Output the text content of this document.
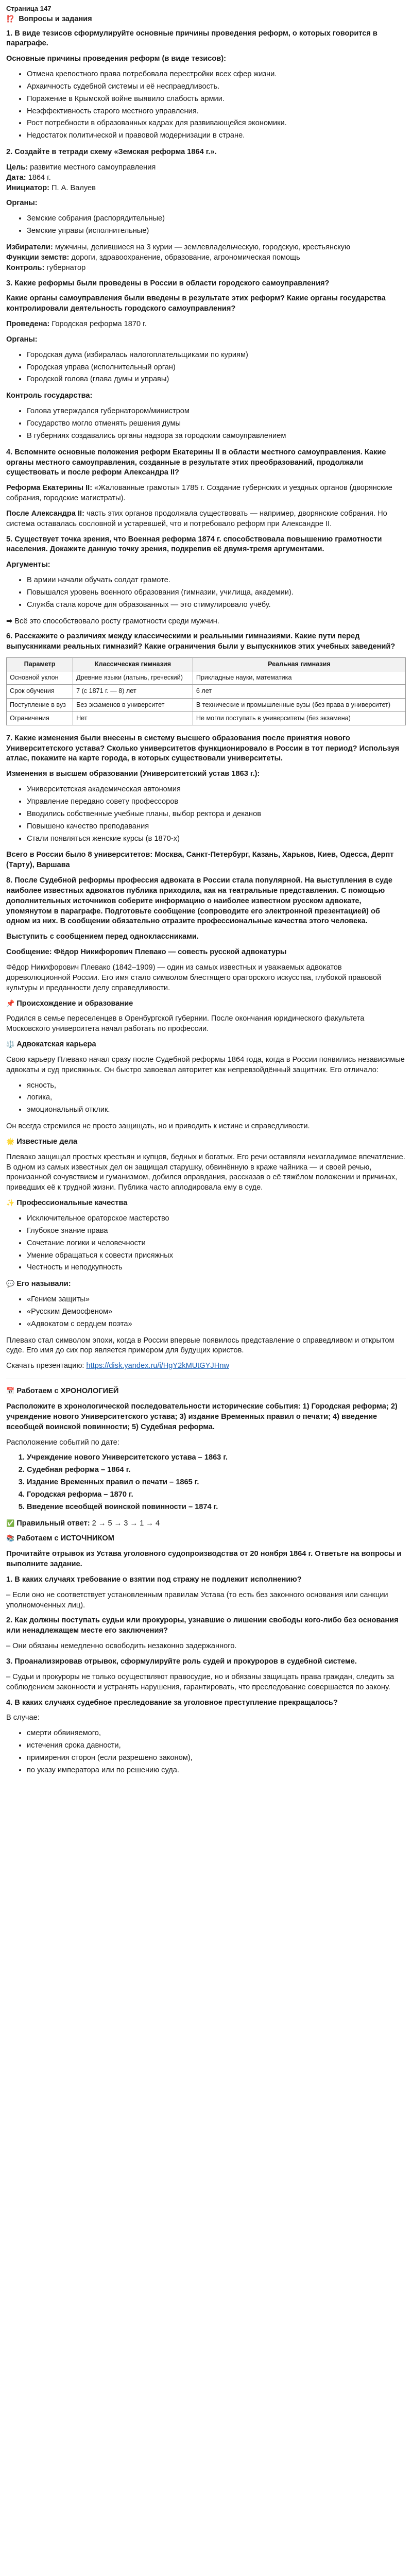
Страница 147
⁉️ Вопросы и задания

1. В виде тезисов сформулируйте основные причины проведения реформ, о которых говорится в параграфе.

Основные причины проведения реформ (в виде тезисов):

• Отмена крепостного права потребовала перестройки всех сфер жизни.
• Архаичность судебной системы и её неспраедливость.
• Поражение в Крымской войне выявило слабость армии.
• Неэффективность старого местного управления.
• Рост потребности в образованных кадрах для развивающейся экономики.
• Недостаток политической и правовой модернизации в стране.

2. Создайте в тетради схему «Земская реформа 1864 г.».

Цель: развитие местного самоуправления
Дата: 1864 г.
Инициатор: П. А. Валуев

Органы:

• Земские собрания (распорядительные)
• Земские управы (исполнительные)

Избиратели: мужчины, делившиеся на 3 курии — землевладельческую, городскую, крестьянскую
Функции земств: дороги, здравоохранение, образование, агрономическая помощь
Контроль: губернатор

3. Какие реформы были проведены в России в области городского самоуправления?

Какие органы самоуправления были введены в результате этих реформ? Какие органы государства контролировали деятельность городского самоуправления?

Проведена: Городская реформа 1870 г.

Органы:

• Городская дума (избиралась налогоплательщиками по куриям)
• Городская управа (исполнительный орган)
• Городской голова (глава думы и управы)

Контроль государства:

• Голова утверждался губернатором/министром
• Государство могло отменять решения думы
• В губерниях создавались органы надзора за городским самоуправлением

4. Вспомните основные положения реформ Екатерины II в области местного самоуправления. Какие органы местного самоуправления, созданные в результате этих преобразований, продолжали существовать и после реформ Александра II?

Реформа Екатерины II: «Жалованные грамоты» 1785 г. Создание губернских и уездных органов (дворянские собрания, городские магистраты).

После Александра II: часть этих органов продолжала существовать — например, дворянские собрания. Но система оставалась сословной и устаревшей, что и потребовало реформ при Александре II.

5. Существует точка зрения, что Военная реформа 1874 г. способствовала повышению грамотности населения. Докажите данную точку зрения, подкрепив её двумя-тремя аргументами.

Аргументы:

• В армии начали обучать солдат грамоте.
• Повышался уровень военного образования (гимназии, училища, академии).
• Служба стала короче для образованных — это стимулировало учёбу.

➡ Всё это способствовало росту грамотности среди мужчин.

6. Расскажите о различиях между классическими и реальными гимназиями. Какие пути перед выпускниками реальных гимназий? Какие ограничения были у выпускников этих учебных заведений?

Параметр	Классическая гимназия	Реальная гимназия
Основной уклон	Древние языки (латынь, греческий)	Прикладные науки, математика
Срок обучения	7 (с 1871 г. — 8) лет	6 лет
Поступление в вуз	Без экзаменов в университет	В технические и промышленные вузы (без права в университет)
Ограничения	Нет	Не могли поступать в университеты (без экзамена)

7. Какие изменения были внесены в систему высшего образования после принятия нового Университетского устава? Сколько университетов функционировало в России в тот период? Используя атлас, покажите на карте города, в которых существовали университеты.

Изменения в высшем образовании (Университетский устав 1863 г.):

• Университетская академическая автономия
• Управление передано совету профессоров
• Вводились собственные учебные планы, выбор ректора и деканов
• Повышено качество преподавания
• Стали появляться женские курсы (в 1870-х)

Всего в России было 8 университетов: Москва, Санкт-Петербург, Казань, Харьков, Киев, Одесса, Дерпт (Тарту), Варшава

8. После Судебной реформы профессия адвоката в России стала популярной. На выступления в суде наиболее известных адвокатов публика приходила, как на театральные представления. С помощью дополнительных источников соберите информацию о наиболее известном русском адвокате, упомянутом в параграфе. Подготовьте сообщение (сопроводите его электронной презентацией) об одном из них. В сообщении обязательно отразите профессиональные качества этого человека.

Выступить с сообщением перед одноклассниками.

Сообщение: Фёдор Никифорович Плевако — совесть русской адвокатуры

Фёдор Никифорович Плевако (1842–1909) — один из самых известных и уважаемых адвокатов дореволюционной России. Его имя стало символом блестящего ораторского искусства, глубокой правовой культуры и преданности делу справедливости.

📌 Происхождение и образование

Родился в семье переселенцев в Оренбургской губернии. После окончания юридического факультета Московского университета начал работать по профессии.

⚖️ Адвокатская карьера

Свою карьеру Плевако начал сразу после Судебной реформы 1864 года, когда в России появились независимые адвокаты и суд присяжных. Он быстро завоевал авторитет как непревзойдённый защитник. Его отличало:

• ясность,
• логика,
• эмоциональный отклик.

Он всегда стремился не просто защищать, но и приводить к истине и справедливости.

🌟 Известные дела

Плевако защищал простых крестьян и купцов, бедных и богатых. Его речи оставляли неизгладимое впечатление. В одном из самых известных дел он защищал старушку, обвинённую в краже чайника — и своей речью, пронизанной сочувствием и гуманизмом, добился оправдания, рассказав о её тяжёлом положении и причинах, приведших её к трудной жизни. Публика часто аплодировала ему в суде.

✨ Профессиональные качества

• Исключительное ораторское мастерство
• Глубокое знание права
• Сочетание логики и человечности
• Умение обращаться к совести присяжных
• Честность и неподкупность

💬 Его называли:

• «Гением защиты»
• «Русским Демосфеном»
• «Адвокатом с сердцем поэта»

Плевако стал символом эпохи, когда в России впервые появилось представление о справедливом и открытом суде. Его имя до сих пор является примером для будущих юристов.

Скачать презентацию: https://disk.yandex.ru/i/HgY2kMUtGYJHnw

📅 Работаем с ХРОНОЛОГИЕЙ

Расположите в хронологической последовательности исторические события: 1) Городская реформа; 2) учреждение нового Университетского устава; 3) издание Временных правил о печати; 4) введение всеобщей воинской повинности; 5) Судебная реформа.

Расположение событий по дате:

1. Учреждение нового Университетского устава – 1863 г.
2. Судебная реформа – 1864 г.
3. Издание Временных правил о печати – 1865 г.
4. Городская реформа – 1870 г.
5. Введение всеобщей воинской повинности – 1874 г.

✅ Правильный ответ: 2 → 5 → 3 → 1 → 4

📚 Работаем с ИСТОЧНИКОМ

Прочитайте отрывок из Устава уголовного судопроизводства от 20 ноября 1864 г. Ответьте на вопросы и выполните задание.

1. В каких случаях требование о взятии под стражу не подлежит исполнению?

– Если оно не соответствует установленным правилам Устава (то есть без законного основания или санкции уполномоченных лиц).

2. Как должны поступать судьи или прокуроры, узнавшие о лишении свободы кого-либо без основания или ненадлежащем месте его заключения?

– Они обязаны немедленно освободить незаконно задержанного.

3. Проанализировав отрывок, сформулируйте роль судей и прокуроров в судебной системе.

– Судьи и прокуроры не только осуществляют правосудие, но и обязаны защищать права граждан, следить за соблюдением законности и устранять нарушения, гарантировать, что преследование совершается по закону.

4. В каких случаях судебное преследование за уголовное преступление прекращалось?

В случае:

• смерти обвиняемого,
• истечения срока давности,
• примирения сторон (если разрешено законом),
• по указу императора или по решению суда.
